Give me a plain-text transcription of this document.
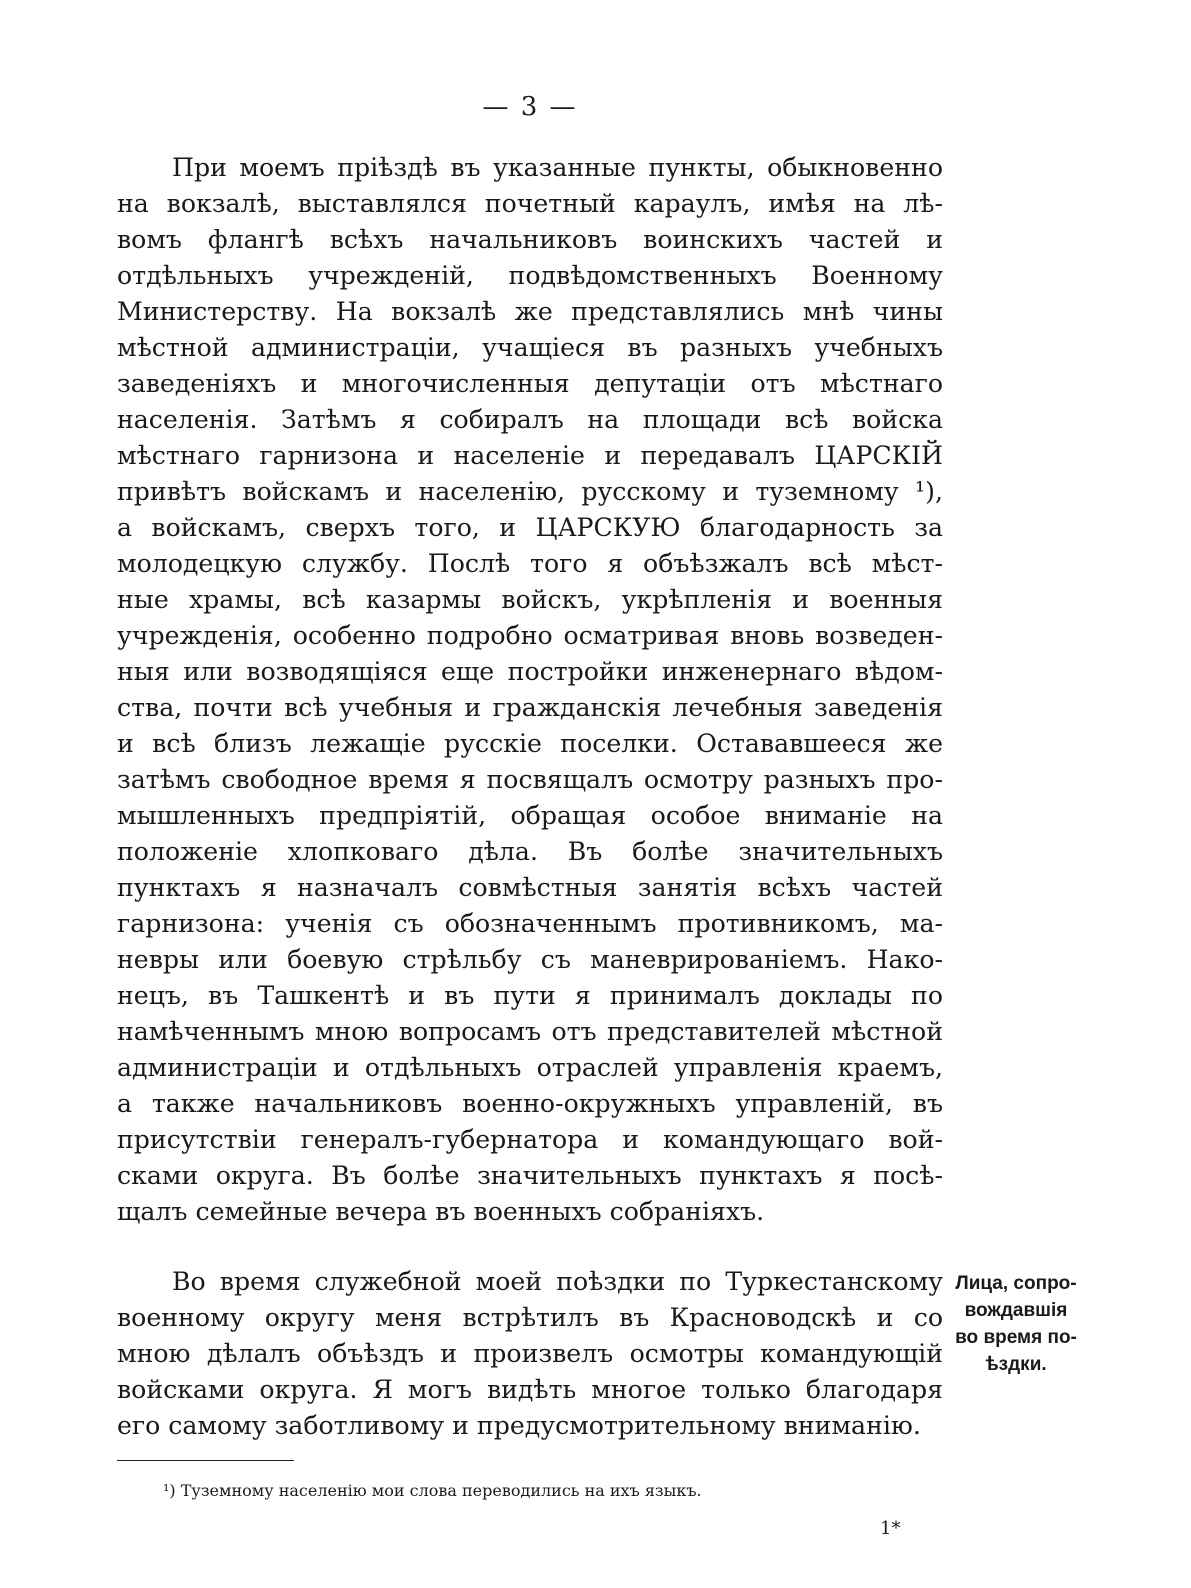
— 3 —
При моемъ прiѣздѣ въ указанные пункты, обыкновенно
на вокзалѣ, выставлялся почетный караулъ, имѣя на лѣ-
вомъ флангѣ всѣхъ начальниковъ воинскихъ частей и
отдѣльныхъ учрежденiй, подвѣдомственныхъ Военному
Министерству. На вокзалѣ же представлялись мнѣ чины
мѣстной администрацiи, учащiеся въ разныхъ учебныхъ
заведенiяхъ и многочисленныя депутацiи отъ мѣстнаго
населенiя. Затѣмъ я собиралъ на площади всѣ войска
мѣстнаго гарнизона и населенiе и передавалъ ЦАРСКIЙ
привѣтъ войскамъ и населенiю, русскому и туземному ¹),
а войскамъ, сверхъ того, и ЦАРСКУЮ благодарность за
молодецкую службу. Послѣ того я объѣзжалъ всѣ мѣст-
ные храмы, всѣ казармы войскъ, укрѣпленiя и военныя
учрежденiя, особенно подробно осматривая вновь возведен-
ныя или возводящiяся еще постройки инженернаго вѣдом-
ства, почти всѣ учебныя и гражданскiя лечебныя заведенiя
и всѣ близъ лежащiе русскiе поселки. Остававшееся же
затѣмъ свободное время я посвящалъ осмотру разныхъ про-
мышленныхъ предпрiятiй, обращая особое вниманiе на
положенiе хлопковаго дѣла. Въ болѣе значительныхъ
пунктахъ я назначалъ совмѣстныя занятiя всѣхъ частей
гарнизона: ученiя съ обозначеннымъ противникомъ, ма-
невры или боевую стрѣльбу съ маневрированiемъ. Нако-
нецъ, въ Ташкентѣ и въ пути я принималъ доклады по
намѣченнымъ мною вопросамъ отъ представителей мѣстной
администрацiи и отдѣльныхъ отраслей управленiя краемъ,
а также начальниковъ военно-окружныхъ управленiй, въ
присутствiи генералъ-губернатора и командующаго вой-
сками округа. Въ болѣе значительныхъ пунктахъ я посѣ-
щалъ семейные вечера въ военныхъ собранiяхъ.
Во время служебной моей поѣздки по Туркестанскому
военному округу меня встрѣтилъ въ Красноводскѣ и со
мною дѣлалъ объѣздъ и произвелъ осмотры командующiй
войсками округа. Я могъ видѣть многое только благодаря
его самому заботливому и предусмотрительному вниманiю.
Лица, сопро-
вождавшiя
во время по-
ѣздки.
¹) Туземному населенiю мои слова переводились на ихъ языкъ.
1*
